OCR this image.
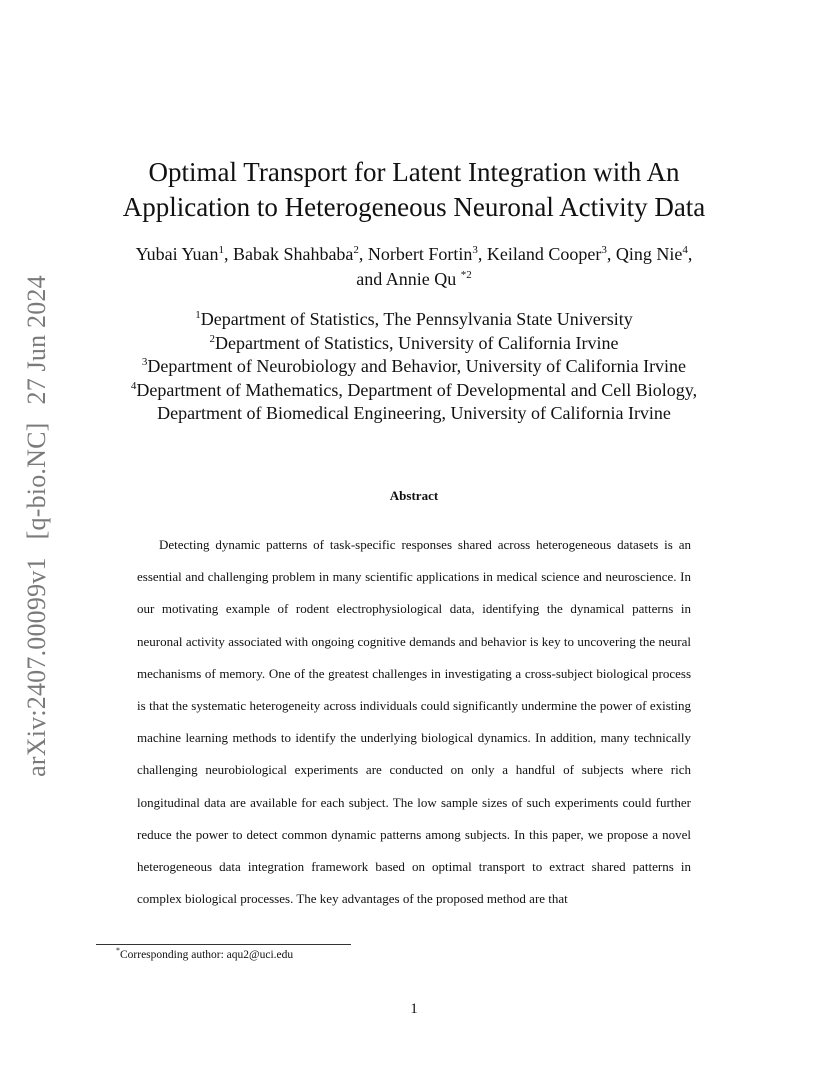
arXiv:2407.00099v1[q-bio.NC]27 Jun 2024
Optimal Transport for Latent Integration with An
Application to Heterogeneous Neuronal Activity Data
Yubai Yuan$^1$, Babak Shahbaba$^2$, Norbert Fortin$^3$, Keiland Cooper$^3$, Qing Nie$^4$,
and Annie Qu $^{*2}$
$^1$Department of Statistics, The Pennsylvania State University
$^2$Department of Statistics, University of California Irvine
$^3$Department of Neurobiology and Behavior, University of California Irvine
$^4$Department of Mathematics, Department of Developmental and Cell Biology,
Department of Biomedical Engineering, University of California Irvine
Abstract
Detecting dynamic patterns of task-specific responses shared across heterogeneous datasets is an essential and challenging problem in many scientific applications in medical science and neuroscience. In our motivating example of rodent electrophysiological data, identifying the dynamical patterns in neuronal activity associated with ongoing cognitive demands and behavior is key to uncovering the neural mechanisms of memory. One of the greatest challenges in investigating a cross-subject biological process is that the systematic heterogeneity across individuals could significantly undermine the power of existing machine learning methods to identify the underlying biological dynamics. In addition, many technically challenging neurobiological experiments are conducted on only a handful of subjects where rich longitudinal data are available for each subject. The low sample sizes of such experiments could further reduce the power to detect common dynamic patterns among subjects. In this paper, we propose a novel heterogeneous data integration framework based on optimal transport to extract shared patterns in complex biological processes. The key advantages of the proposed method are that
*Corresponding author: aqu2@uci.edu
1
